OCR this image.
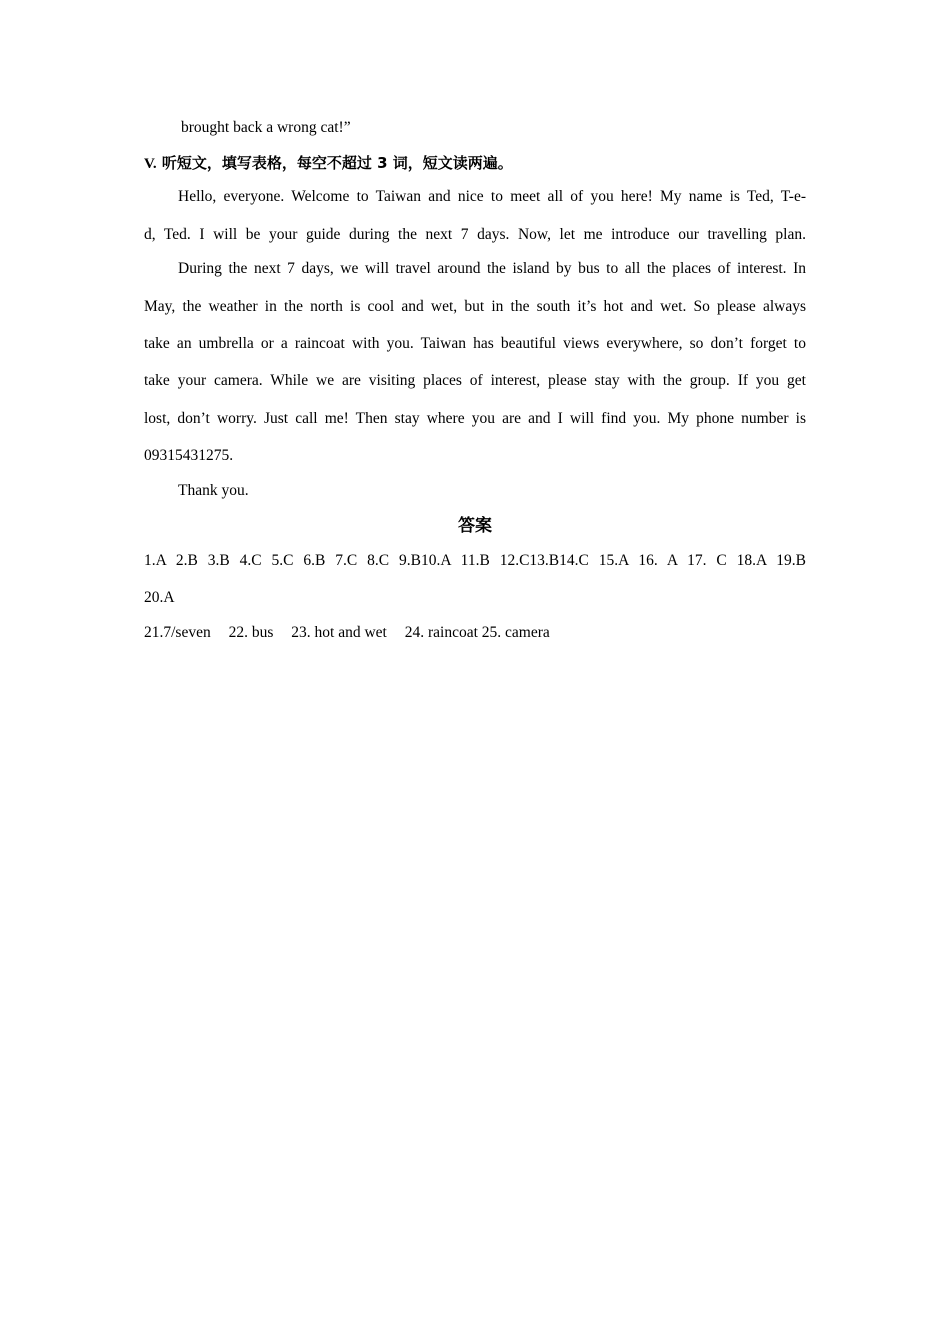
brought back a wrong cat!”
V. 听短文，填写表格，每空不超过 3 词，短文读两遍。
Hello, everyone. Welcome to Taiwan and nice to meet all of you here! My name is Ted, T-e-
d, Ted. I will be your guide during the next 7 days. Now, let me introduce our travelling plan.
During the next 7 days, we will travel around the island by bus to all the places of interest. In
May, the weather in the north is cool and wet, but in the south it’s hot and wet. So please always
take an umbrella or a raincoat with you. Taiwan has beautiful views everywhere, so don’t forget to
take your camera. While we are visiting places of interest, please stay with the group. If you get
lost, don’t worry. Just call me! Then stay where you are and I will find you. My phone number is
09315431275.
Thank you.
答案
1.A 2.B 3.B 4.C 5.C 6.B 7.C 8.C 9.B10.A 11.B 12.C13.B14.C 15.A 16. A 17. C 18.A 19.B
20.A
21.7/seven 22. bus 23. hot and wet 24. raincoat 25. camera
